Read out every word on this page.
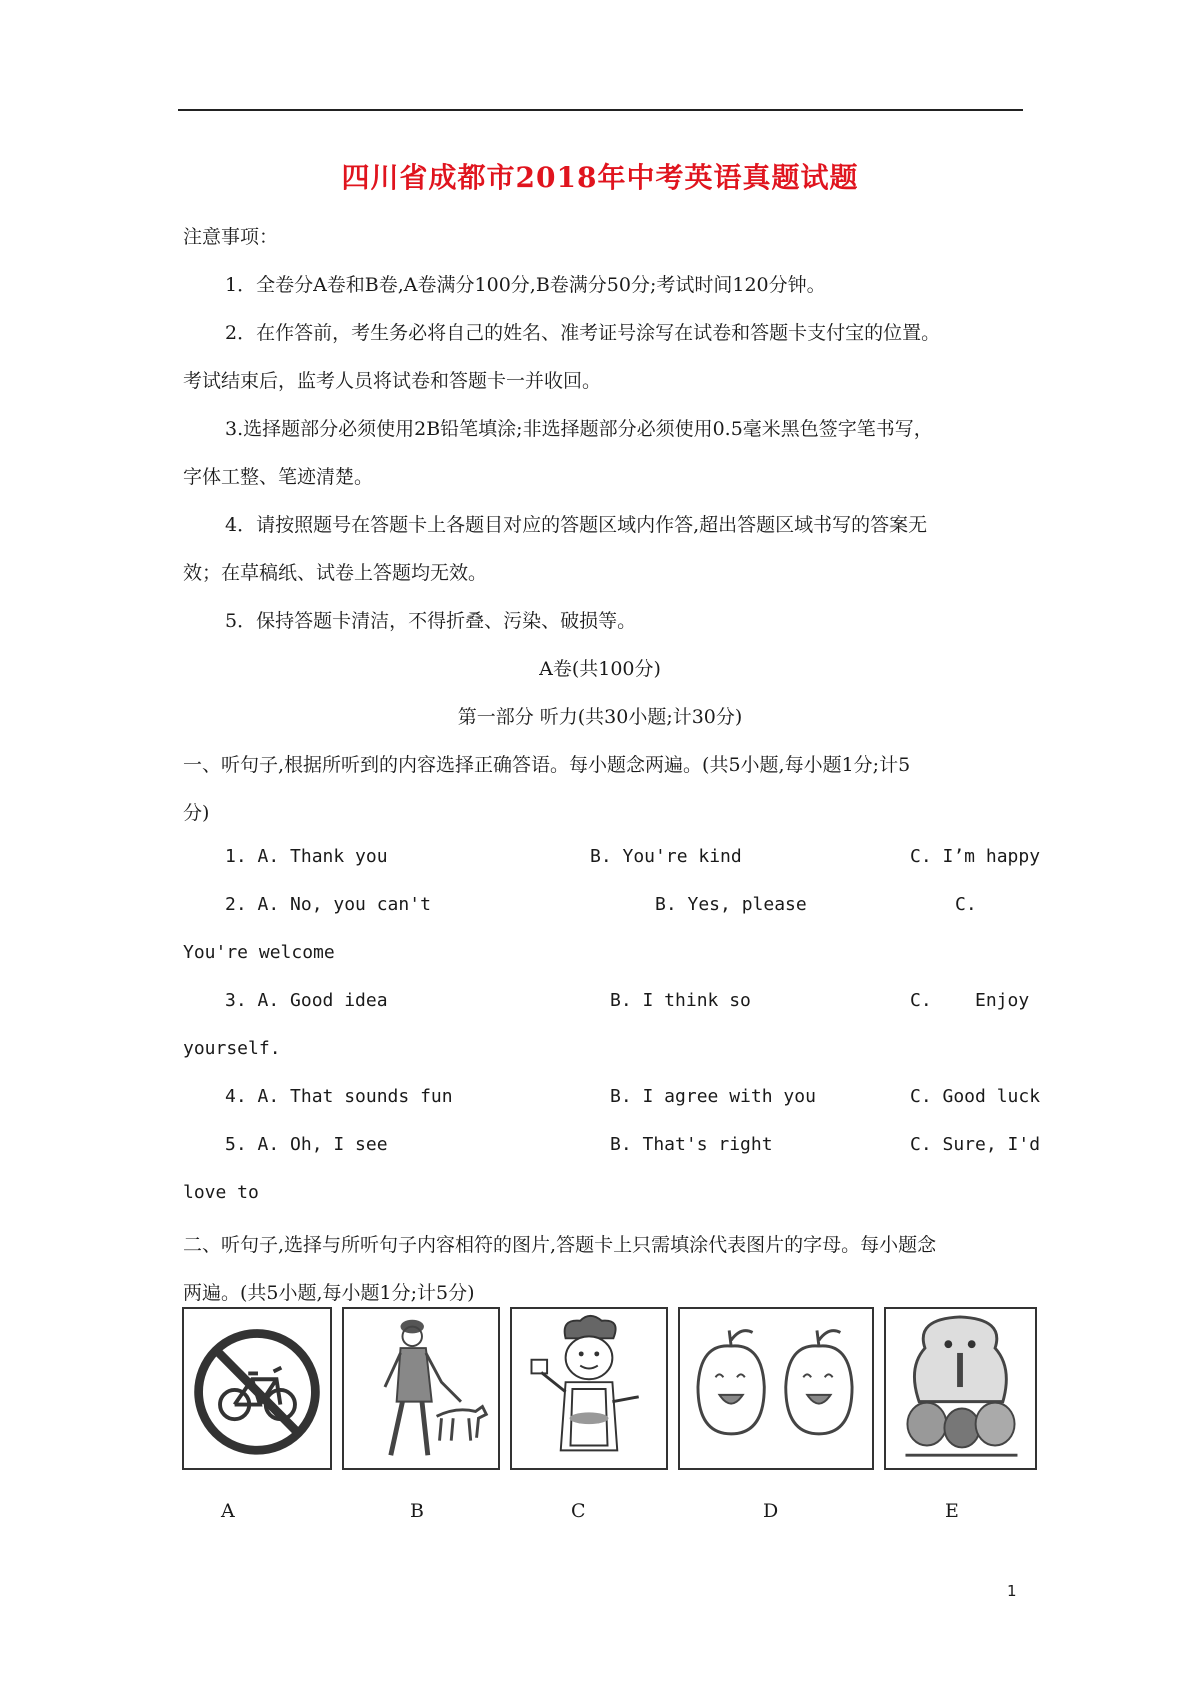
四川省成都市2018年中考英语真题试题
注意事项：
1．全卷分A卷和B卷,A卷满分100分,B卷满分50分;考试时间120分钟。
2．在作答前，考生务必将自己的姓名、准考证号涂写在试卷和答题卡支付宝的位置。
考试结束后，监考人员将试卷和答题卡一并收回。
3.选择题部分必须使用2B铅笔填涂;非选择题部分必须使用0.5毫米黑色签字笔书写，
字体工整、笔迹清楚。
4．请按照题号在答题卡上各题目对应的答题区域内作答,超出答题区域书写的答案无
效；在草稿纸、试卷上答题均无效。
5．保持答题卡清洁，不得折叠、污染、破损等。
A卷(共100分)
第一部分 听力(共30小题;计30分)
一、听句子,根据所听到的内容选择正确答语。每小题念两遍。(共5小题,每小题1分;计5
分)
1. A. Thank you	B. You're kind	C. I’m happy
2. A. No, you can't	B. Yes, please	C.
You're welcome
3. A. Good idea	B. I think so	C. Enjoy
yourself.
4. A. That sounds fun	B. I agree with you	C. Good luck
5. A. Oh, I see	B. That's right	C. Sure, I'd
love to
二、听句子,选择与所听句子内容相符的图片,答题卡上只需填涂代表图片的字母。每小题念
两遍。(共5小题,每小题1分;计5分)
A	B	C	D	E
1
